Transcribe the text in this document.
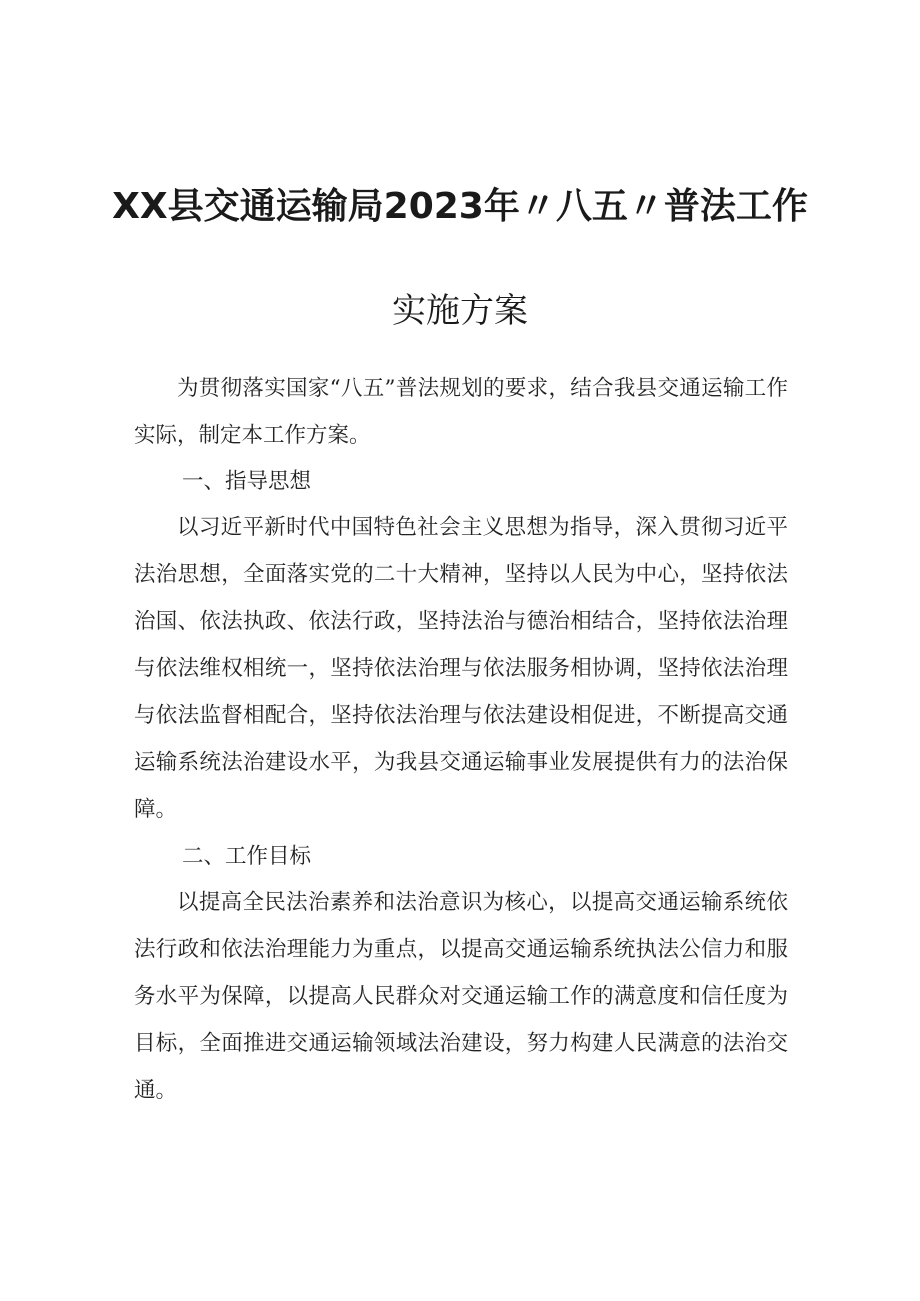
XX县交通运输局2023年〃八五〃普法工作
实施方案

为贯彻落实国家“八五”普法规划的要求，结合我县交通运输工作实际，制定本工作方案。

一、指导思想

以习近平新时代中国特色社会主义思想为指导，深入贯彻习近平法治思想，全面落实党的二十大精神，坚持以人民为中心，坚持依法治国、依法执政、依法行政，坚持法治与德治相结合，坚持依法治理与依法维权相统一，坚持依法治理与依法服务相协调，坚持依法治理与依法监督相配合，坚持依法治理与依法建设相促进，不断提高交通运输系统法治建设水平，为我县交通运输事业发展提供有力的法治保障。

二、工作目标

以提高全民法治素养和法治意识为核心，以提高交通运输系统依法行政和依法治理能力为重点，以提高交通运输系统执法公信力和服务水平为保障，以提高人民群众对交通运输工作的满意度和信任度为目标，全面推进交通运输领域法治建设，努力构建人民满意的法治交通。
